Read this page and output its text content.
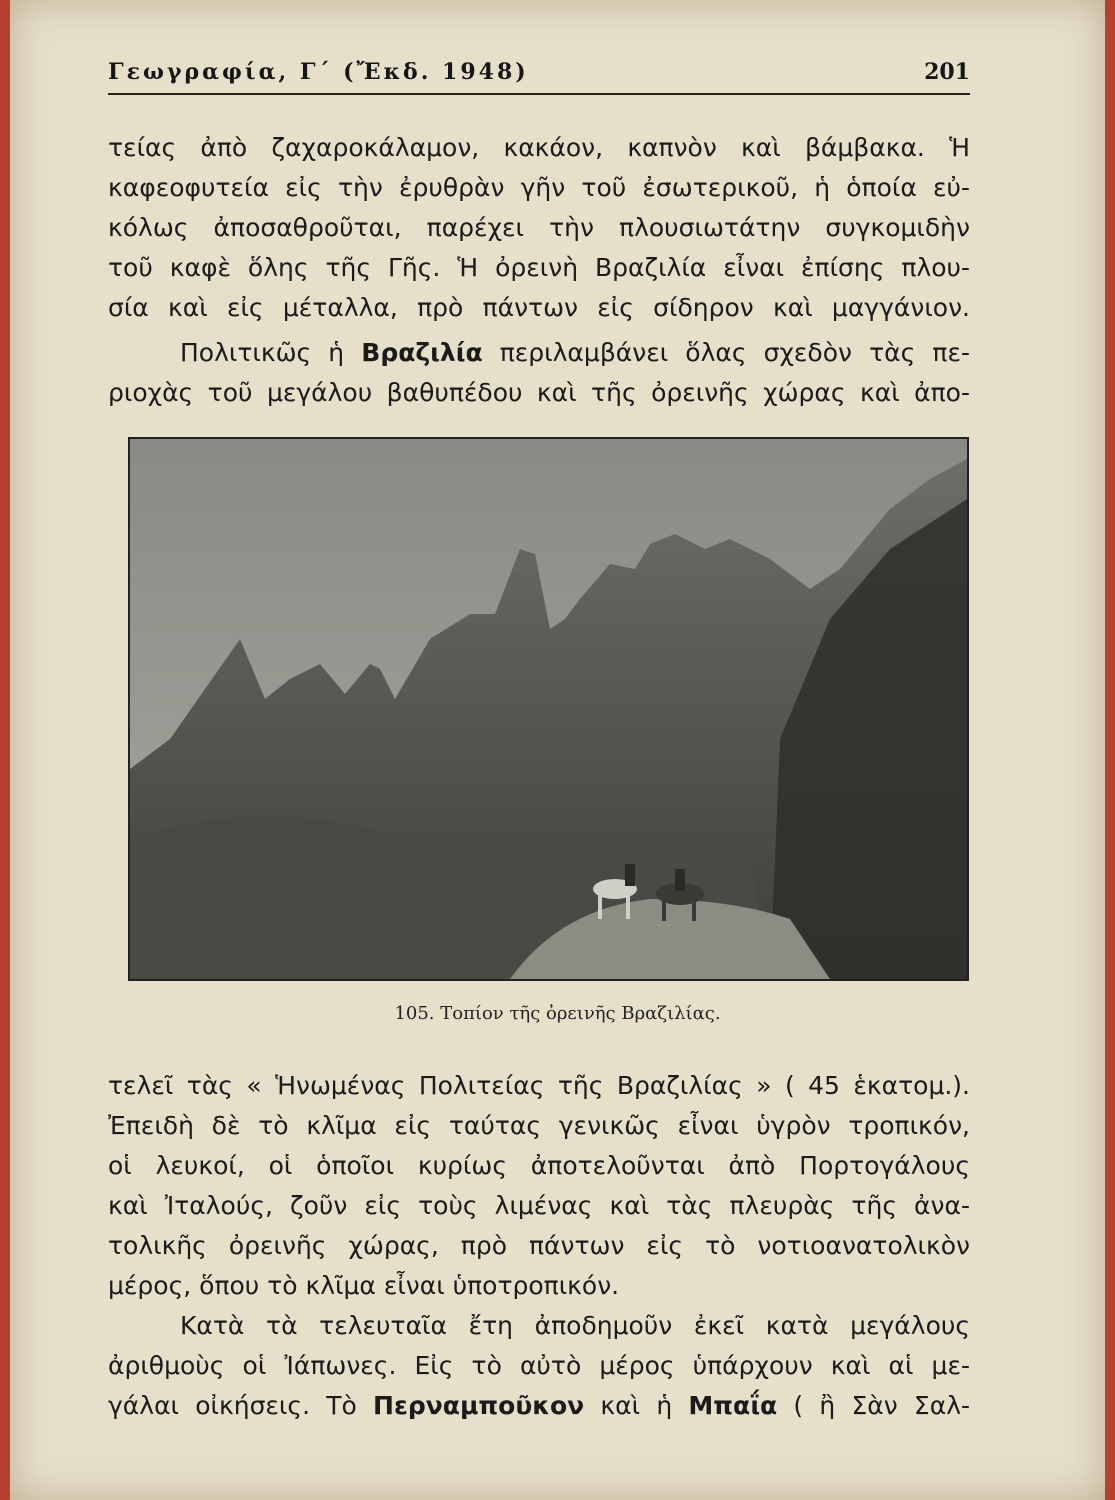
Γεωγραφία, Γ΄ (Ἔκδ. 1948)	201
τείας ἀπὸ ζαχαροκάλαμον, κακάον, καπνὸν καὶ βάμβακα. Ἡ
καφεοφυτεία εἰς τὴν ἐρυθρὰν γῆν τοῦ ἐσωτερικοῦ, ἡ ὁποία εὐ-
κόλως ἀποσαθροῦται, παρέχει τὴν πλουσιωτάτην συγκομιδὴν
τοῦ καφὲ ὅλης τῆς Γῆς. Ἡ ὀρεινὴ Βραζιλία εἶναι ἐπίσης πλου-
σία καὶ εἰς μέταλλα, πρὸ πάντων εἰς σίδηρον καὶ μαγγάνιον.
Πολιτικῶς ἡ Βραζιλία περιλαμβάνει ὅλας σχεδὸν τὰς πε-
ριοχὰς τοῦ μεγάλου βαθυπέδου καὶ τῆς ὀρεινῆς χώρας καὶ ἀπο-
105. Τοπίον τῆς ὀρεινῆς Βραζιλίας.
τελεῖ τὰς « Ἡνωμένας Πολιτείας τῆς Βραζιλίας » ( 45 ἑκατομ.).
Ἐπειδὴ δὲ τὸ κλῖμα εἰς ταύτας γενικῶς εἶναι ὑγρὸν τροπικόν,
οἱ λευκοί, οἱ ὁποῖοι κυρίως ἀποτελοῦνται ἀπὸ Πορτογάλους
καὶ Ἰταλούς, ζοῦν εἰς τοὺς λιμένας καὶ τὰς πλευρὰς τῆς ἀνα-
τολικῆς ὀρεινῆς χώρας, πρὸ πάντων εἰς τὸ νοτιοανατολικὸν
μέρος, ὅπου τὸ κλῖμα εἶναι ὑποτροπικόν.
Κατὰ τὰ τελευταῖα ἔτη ἀποδημοῦν ἐκεῖ κατὰ μεγάλους
ἀριθμοὺς οἱ Ἰάπωνες. Εἰς τὸ αὐτὸ μέρος ὑπάρχουν καὶ αἱ με-
γάλαι οἰκήσεις. Τὸ Περναμποῦκον καὶ ἡ Μπαΐα ( ἢ Σὰν Σαλ-
